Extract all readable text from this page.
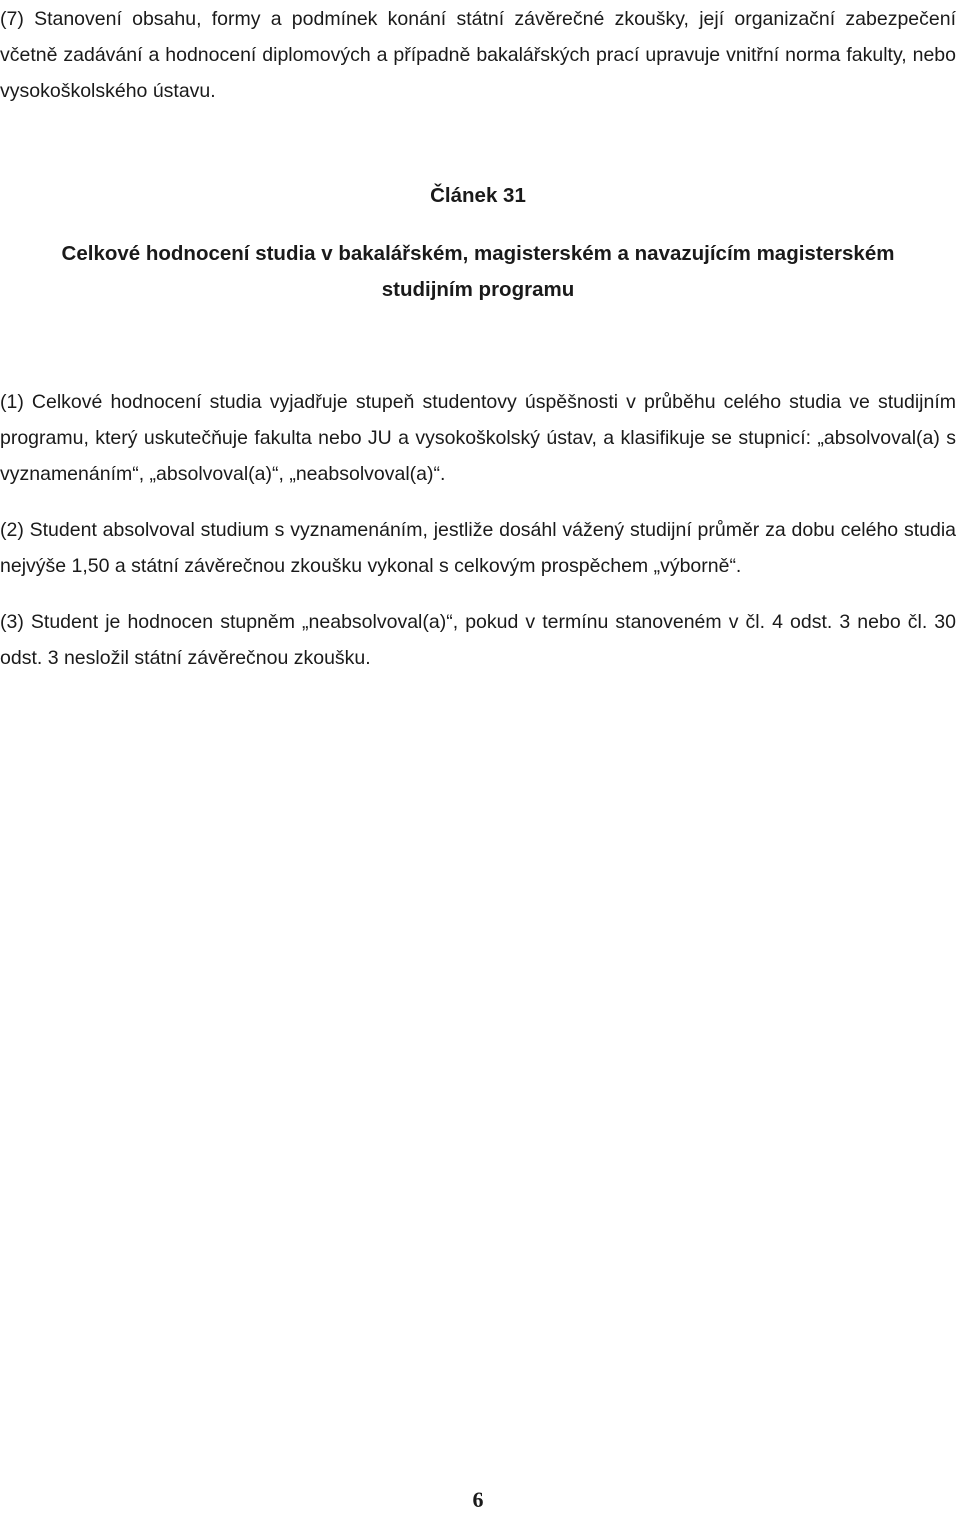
(7) Stanovení obsahu, formy a podmínek konání státní závěrečné zkoušky, její organizační zabezpečení včetně zadávání a hodnocení diplomových a případně bakalářských prací upravuje vnitřní norma fakulty, nebo vysokoškolského ústavu.

Článek 31
Celkové hodnocení studia v bakalářském, magisterském a navazujícím magisterském studijním programu

(1) Celkové hodnocení studia vyjadřuje stupeň studentovy úspěšnosti v průběhu celého studia ve studijním programu, který uskutečňuje fakulta nebo JU a vysokoškolský ústav, a klasifikuje se stupnicí: „absolvoval(a) s vyznamenáním“, „absolvoval(a)“, „neabsolvoval(a)“.

(2) Student absolvoval studium s vyznamenáním, jestliže dosáhl vážený studijní průměr za dobu celého studia nejvýše 1,50 a státní závěrečnou zkoušku vykonal s celkovým prospěchem „výborně“.

(3) Student je hodnocen stupněm „neabsolvoval(a)“, pokud v termínu stanoveném v čl. 4 odst. 3 nebo čl. 30 odst. 3 nesložil státní závěrečnou zkoušku.

6
